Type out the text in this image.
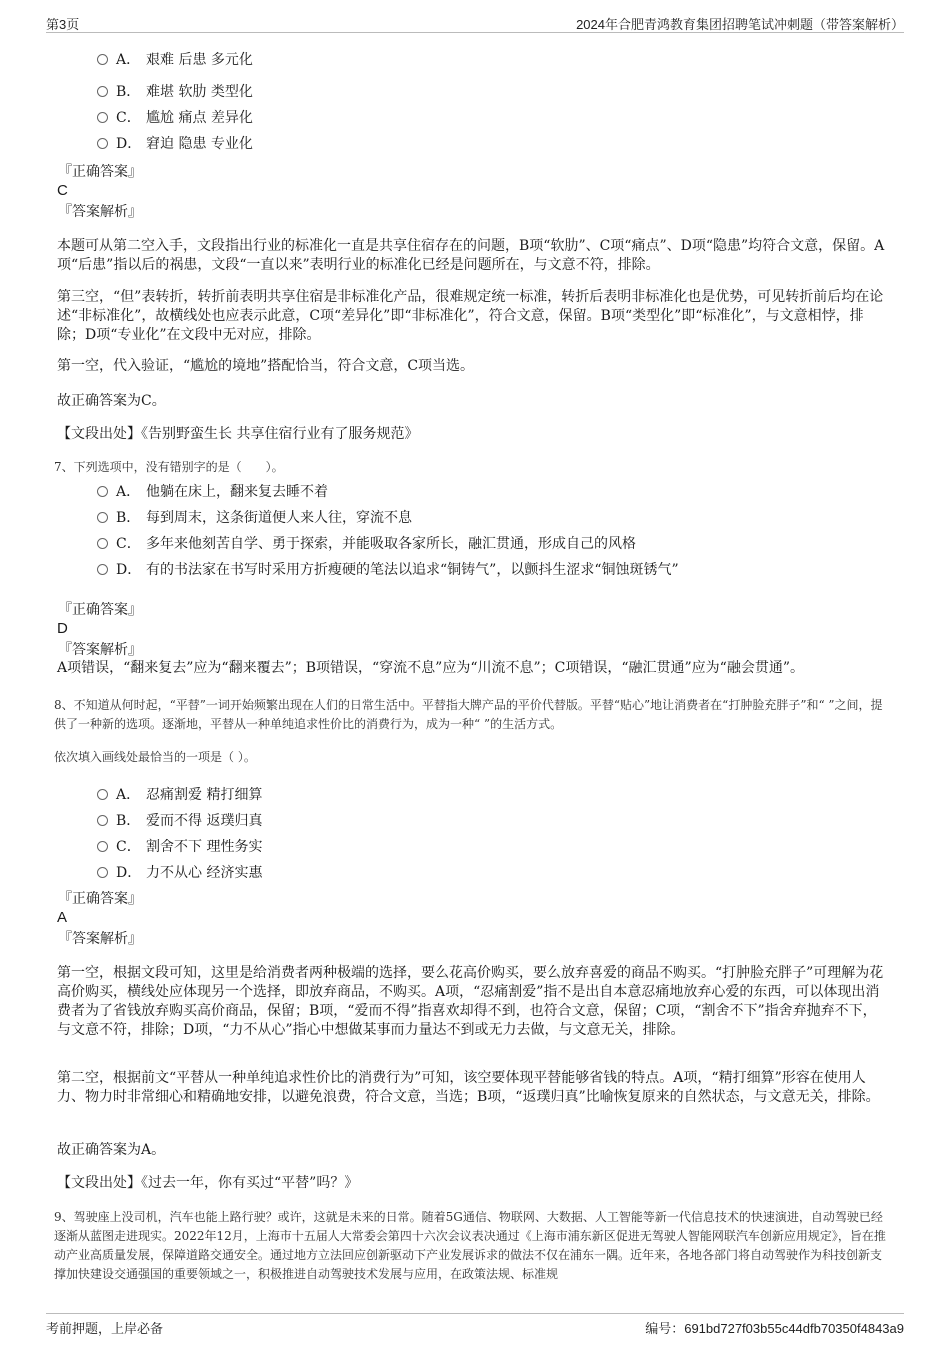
第3页	2024年合肥青鸿教育集团招聘笔试冲刺题（带答案解析）
A． 艰难 后患 多元化
B． 难堪 软肋 类型化
C． 尴尬 痛点 差异化
D． 窘迫 隐患 专业化
『正确答案』
C
『答案解析』
本题可从第二空入手，文段指出行业的标准化一直是共享住宿存在的问题，B项“软肋”、C项“痛点”、D项“隐患”均符合文意，保留。A项“后患”指以后的祸患，文段“一直以来”表明行业的标准化已经是问题所在，与文意不符，排除。
第三空，“但”表转折，转折前表明共享住宿是非标准化产品，很难规定统一标准，转折后表明非标准化也是优势，可见转折前后均在论述“非标准化”，故横线处也应表示此意，C项“差异化”即“非标准化”，符合文意，保留。B项“类型化”即“标准化”，与文意相悖，排除；D项“专业化”在文段中无对应，排除。
第一空，代入验证，“尴尬的境地”搭配恰当，符合文意，C项当选。
故正确答案为C。
【文段出处】《告别野蛮生长 共享住宿行业有了服务规范》
7、下列选项中，没有错别字的是（　　）。
A． 他躺在床上，翻来复去睡不着
B． 每到周末，这条街道便人来人往，穿流不息
C． 多年来他刻苦自学、勇于探索，并能吸取各家所长，融汇贯通，形成自己的风格
D． 有的书法家在书写时采用方折瘦硬的笔法以追求“铜铸气”，以颤抖生涩求“铜蚀斑锈气”
『正确答案』
D
『答案解析』
A项错误，“翻来复去”应为“翻来覆去”；B项错误，“穿流不息”应为“川流不息”；C项错误，“融汇贯通”应为“融会贯通”。
8、不知道从何时起，“平替”一词开始频繁出现在人们的日常生活中。平替指大牌产品的平价代替版。平替“贴心”地让消费者在“打肿脸充胖子”和“ ”之间，提供了一种新的选项。逐渐地，平替从一种单纯追求性价比的消费行为，成为一种“ ”的生活方式。
依次填入画线处最恰当的一项是（ ）。
A． 忍痛割爱 精打细算
B． 爱而不得 返璞归真
C． 割舍不下 理性务实
D． 力不从心 经济实惠
『正确答案』
A
『答案解析』
第一空，根据文段可知，这里是给消费者两种极端的选择，要么花高价购买，要么放弃喜爱的商品不购买。“打肿脸充胖子”可理解为花高价购买，横线处应体现另一个选择，即放弃商品，不购买。A项，“忍痛割爱”指不是出自本意忍痛地放弃心爱的东西，可以体现出消费者为了省钱放弃购买高价商品，保留；B项，“爱而不得”指喜欢却得不到，也符合文意，保留；C项，“割舍不下”指舍弃抛弃不下，与文意不符，排除；D项，“力不从心”指心中想做某事而力量达不到或无力去做，与文意无关，排除。
第二空，根据前文“平替从一种单纯追求性价比的消费行为”可知，该空要体现平替能够省钱的特点。A项，“精打细算”形容在使用人力、物力时非常细心和精确地安排，以避免浪费，符合文意，当选；B项，“返璞归真”比喻恢复原来的自然状态，与文意无关，排除。
故正确答案为A。
【文段出处】《过去一年，你有买过“平替”吗？》
9、驾驶座上没司机，汽车也能上路行驶？或许，这就是未来的日常。随着5G通信、物联网、大数据、人工智能等新一代信息技术的快速演进，自动驾驶已经逐渐从蓝图走进现实。2022年12月，上海市十五届人大常委会第四十六次会议表决通过《上海市浦东新区促进无驾驶人智能网联汽车创新应用规定》，旨在推动产业高质量发展，保障道路交通安全。通过地方立法回应创新驱动下产业发展诉求的做法不仅在浦东一隅。近年来，各地各部门将自动驾驶作为科技创新支撑加快建设交通强国的重要领域之一，积极推进自动驾驶技术发展与应用，在政策法规、标准规
考前押题，上岸必备	编号：691bd727f03b55c44dfb70350f4843a9
